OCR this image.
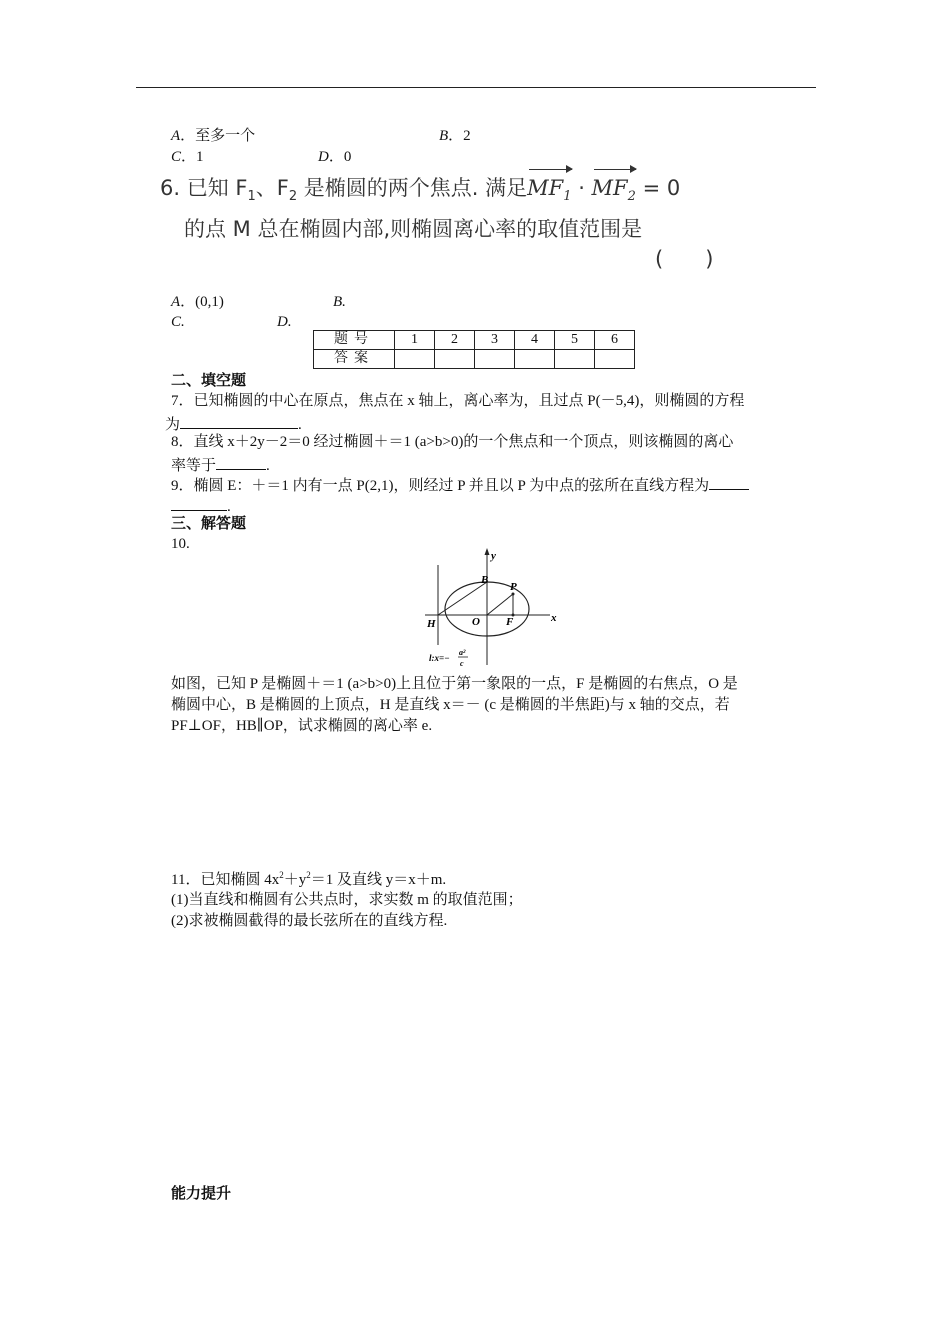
A．至多一个	B．2
C．1	D．0
6. 已知 $F_1$、$F_2$ 是椭圆的两个焦点. 满足$MF_1 \cdot MF_2 = 0$
的点 M 总在椭圆内部,则椭圆离心率的取值范围是
(　　)
A．(0,1)	B.
C.	D.
题号	1	2	3	4	5	6
答案						
二、填空题
7．已知椭圆的中心在原点，焦点在 x 轴上，离心率为，且过点 P(－5,4)，则椭圆的方程
为	.
8．直线 x＋2y－2＝0 经过椭圆＋＝1 (a>b>0)的一个焦点和一个顶点，则该椭圆的离心
率等于	.
9．椭圆 E：＋＝1 内有一点 P(2,1)，则经过 P 并且以 P 为中点的弦所在直线方程为
.
三、解答题
10.
y
x
B
P
H	O F
l:x=−
a²
c
如图，已知 P 是椭圆＋＝1 (a>b>0)上且位于第一象限的一点，F 是椭圆的右焦点，O 是
椭圆中心，B 是椭圆的上顶点，H 是直线 x＝－ (c 是椭圆的半焦距)与 x 轴的交点，若
PF⊥OF，HB∥OP，试求椭圆的离心率 e.
11．已知椭圆 $4x^2+y^2=1$ 及直线 y＝x＋m.
(1)当直线和椭圆有公共点时，求实数 m 的取值范围；
(2)求被椭圆截得的最长弦所在的直线方程.
能力提升
